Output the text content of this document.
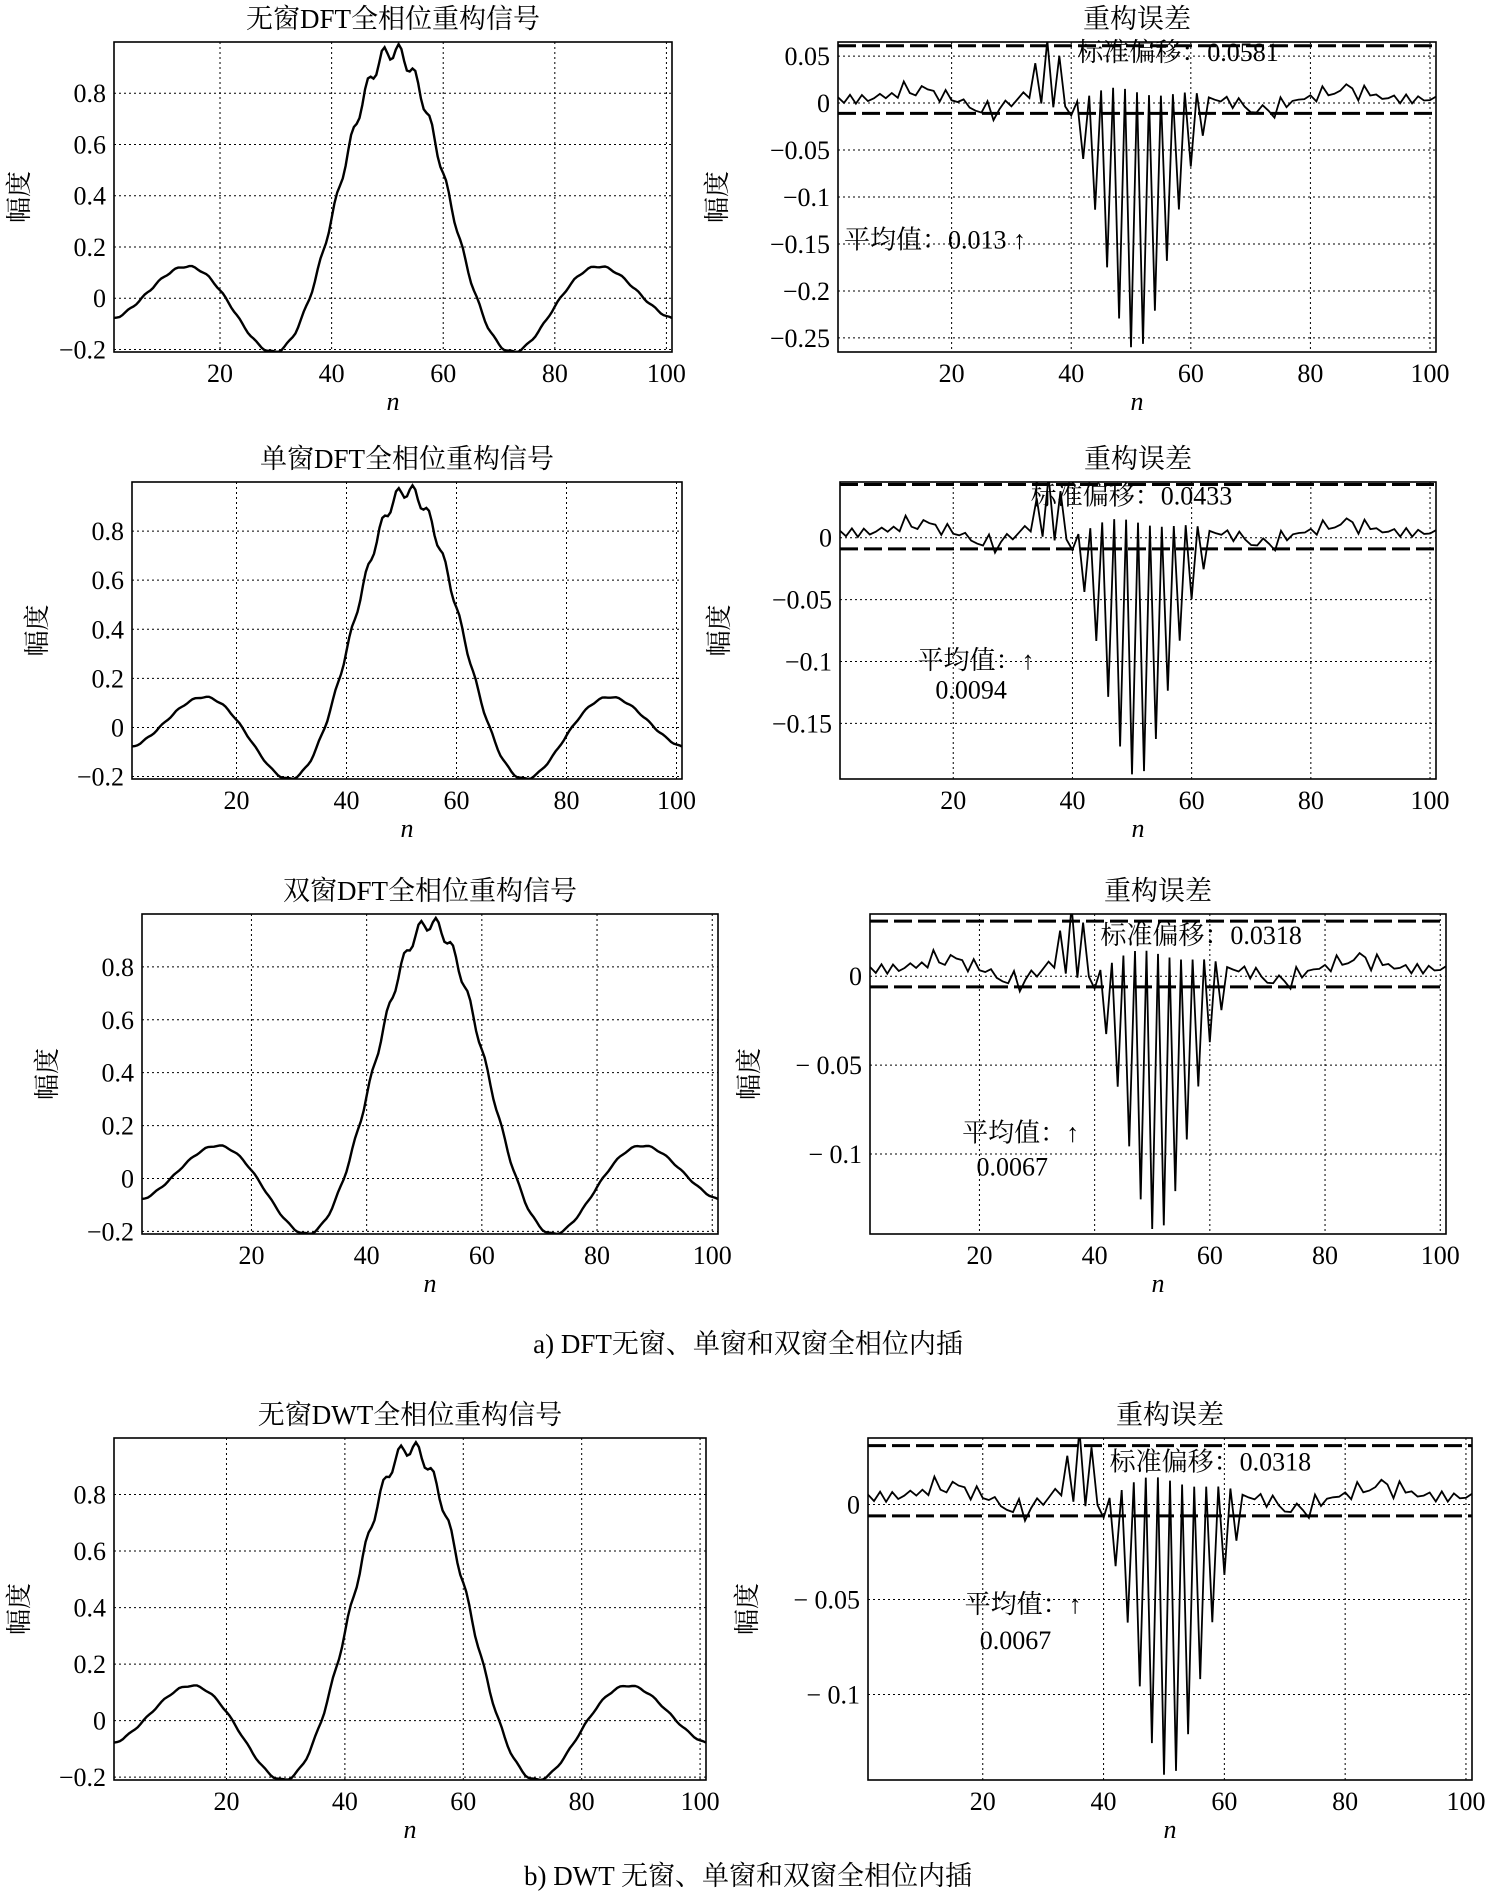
20	40	60	80	100
−0.2
0
0.2
0.4
0.6
0.8
无窗DFT全相位重构信号
n
幅度
20	40	60	80	100
−0.25
−0.2
−0.15
−0.1
−0.05
0
0.05
重构误差
n
幅度
标准偏移：0.0581
平均值：0.013 ↑
20	40	60	80	100
−0.2
0
0.2
0.4
0.6
0.8
单窗DFT全相位重构信号
n
幅度
20	40	60	80	100
−0.15
−0.1
−0.05
0
重构误差
n
幅度
标准偏移：0.0433
平均值：↑
0.0094
20	40	60	80	100
−0.2
0
0.2
0.4
0.6
0.8
双窗DFT全相位重构信号
n
幅度
20	40	60	80	100
− 0.1
− 0.05
0
重构误差
n
幅度
标准偏移：0.0318
平均值：↑
0.0067
20	40	60	80	100
−0.2
0
0.2
0.4
0.6
0.8
无窗DWT全相位重构信号
n
幅度
20	40	60	80	100
− 0.1
− 0.05
0
重构误差
n
幅度
标准偏移：0.0318
平均值：↑
0.0067
a) DFT无窗、单窗和双窗全相位内插
b) DWT 无窗、单窗和双窗全相位内插
